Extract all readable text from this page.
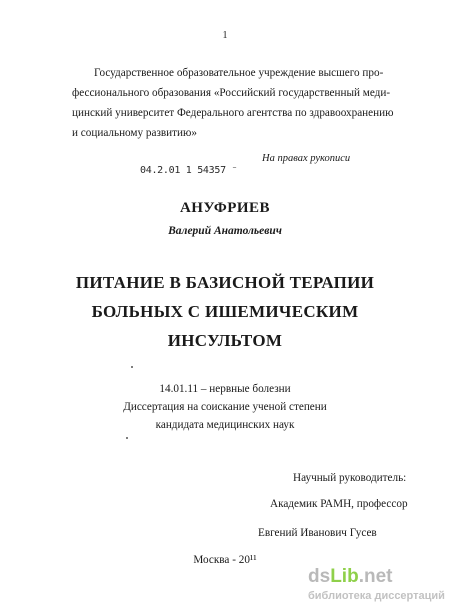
1
Государственное образовательное учреждение высшего про-
фессионального образования «Российский государственный меди-
цинский университет Федерального агентства по здравоохранению
и социальному развитию»
На правах рукописи
04.2.01 1 54357 ⁻
АНУФРИЕВ
Валерий Анатольевич
ПИТАНИЕ В БАЗИСНОЙ ТЕРАПИИ
БОЛЬНЫХ С ИШЕМИЧЕСКИМ
ИНСУЛЬТОМ
14.01.11 – нервные болезни
Диссертация на соискание ученой степени
кандидата медицинских наук
Научный руководитель:
Академик РАМН, профессор
Евгений Иванович Гусев
Москва - 20¹¹
dsLib.net
библиотека диссертаций
